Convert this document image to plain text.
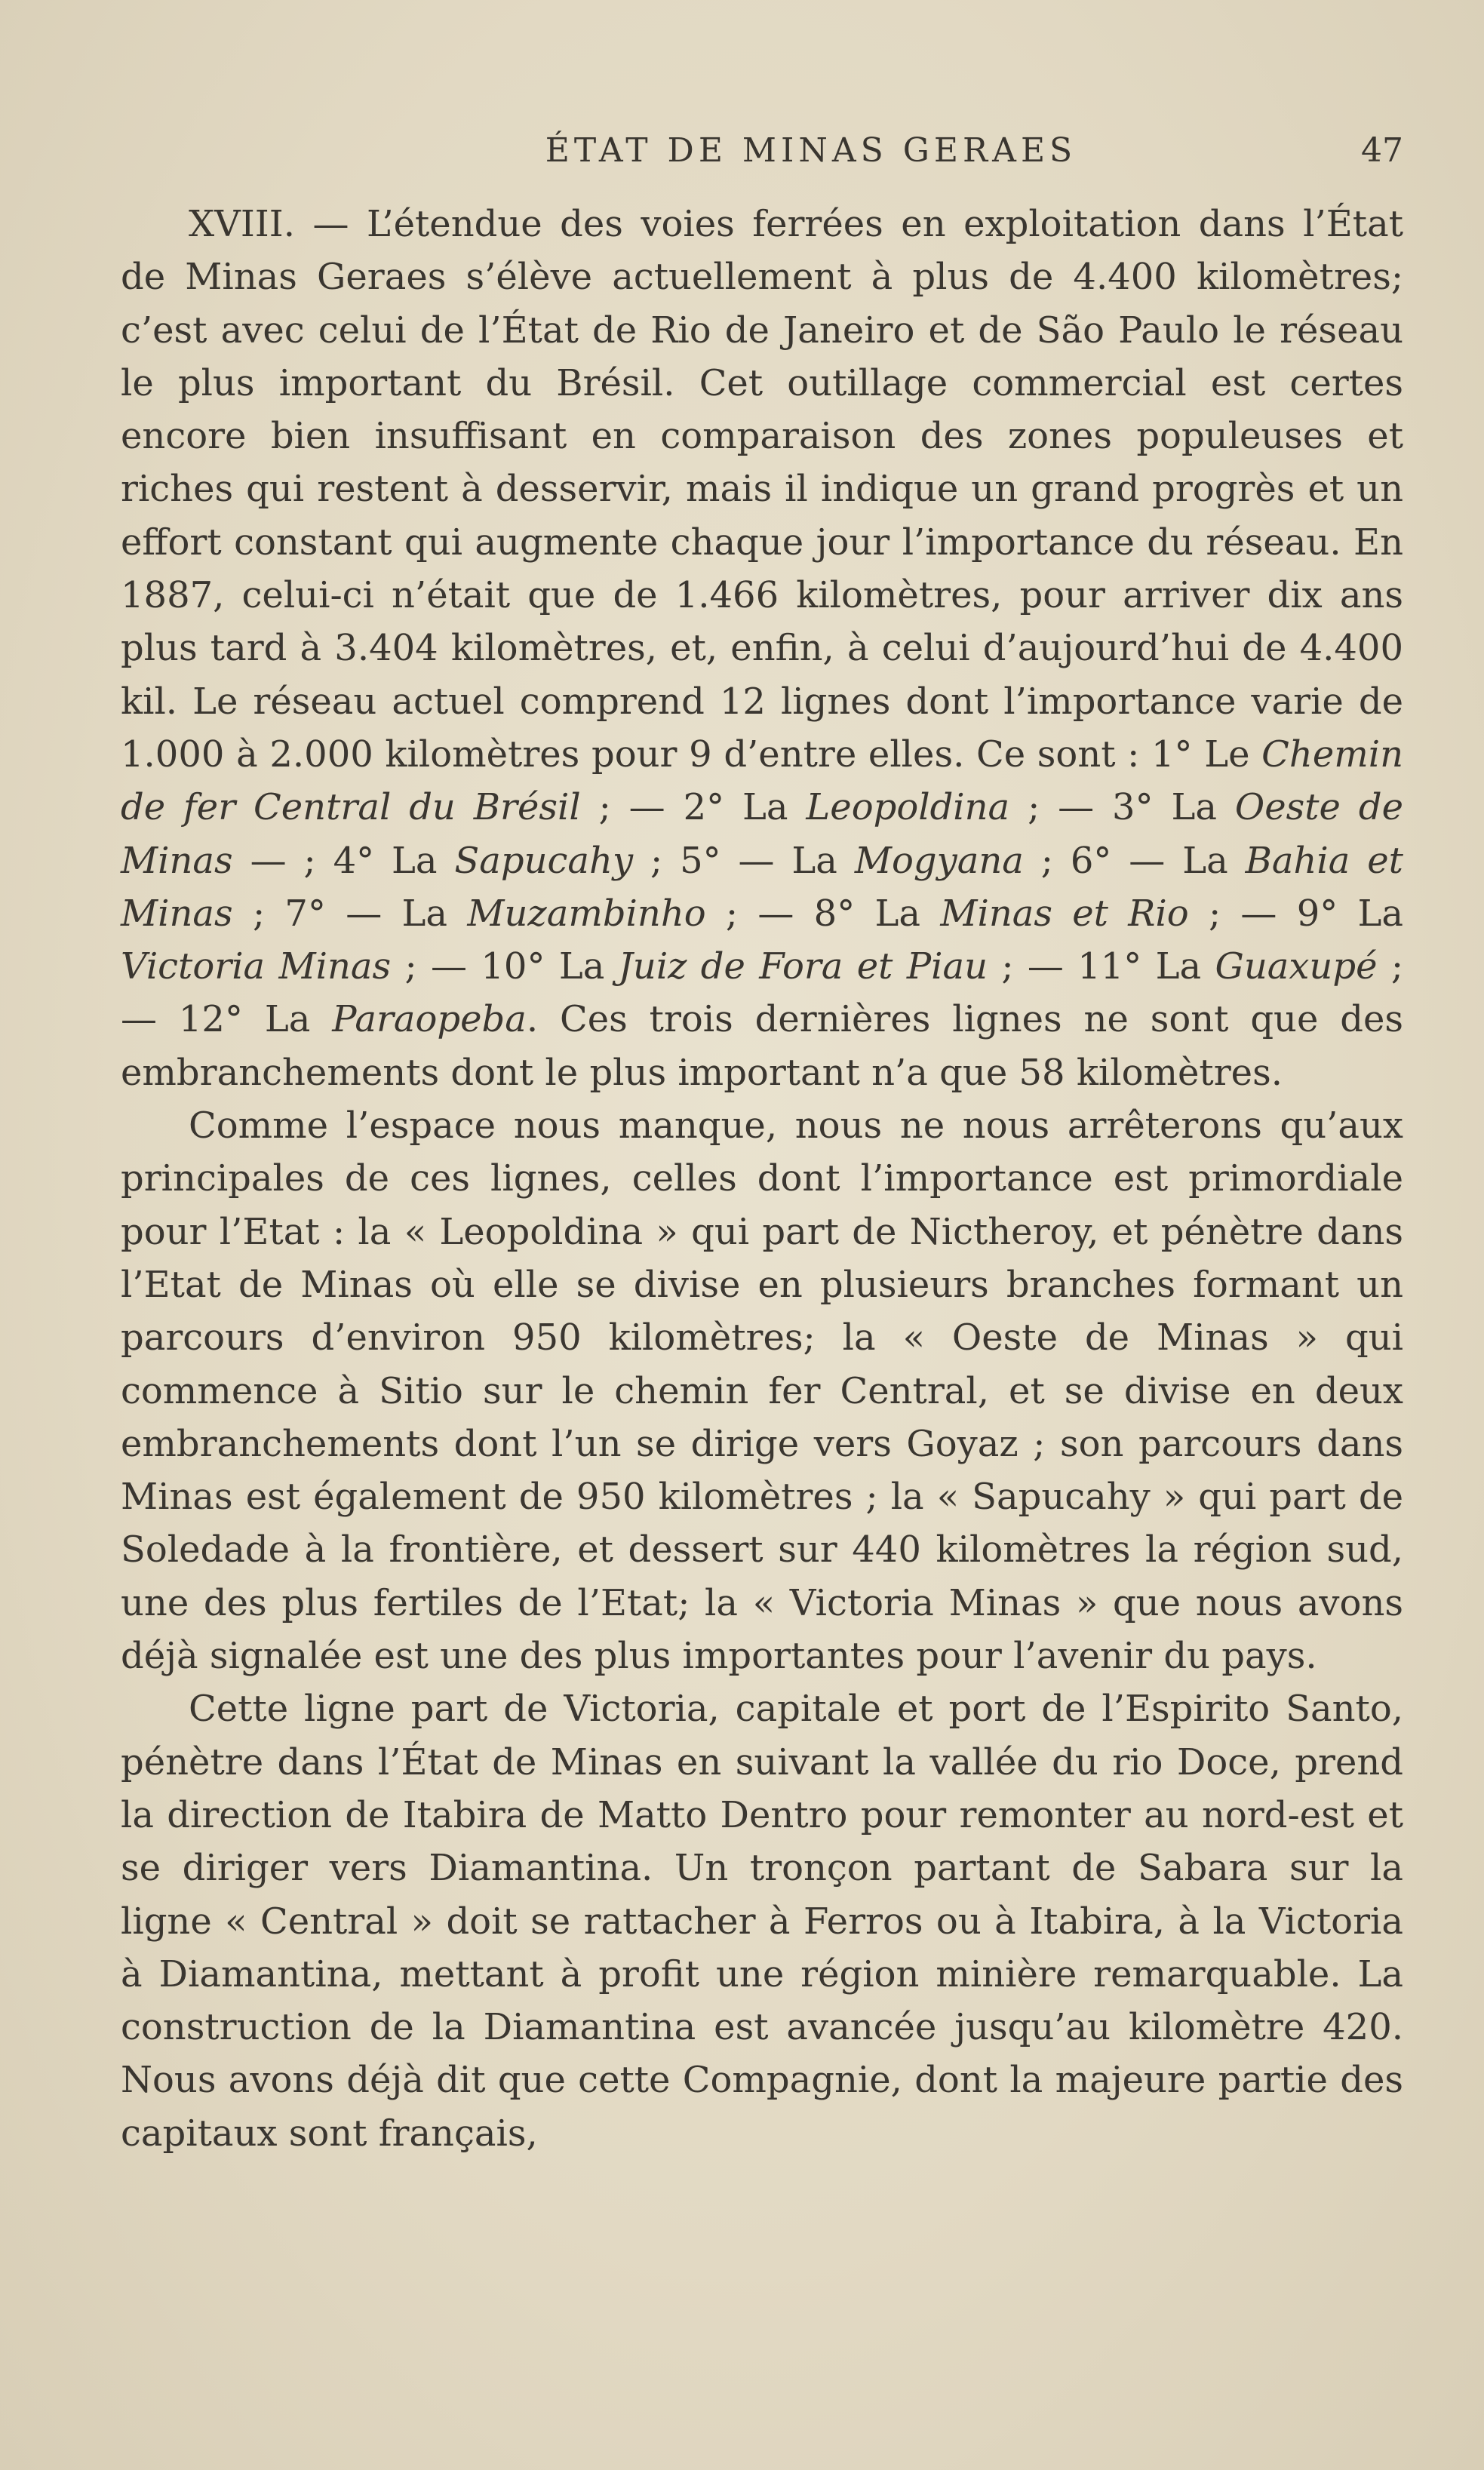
ÉTAT DE MINAS GERAES	47

XVIII. — L’étendue des voies ferrées en exploitation dans l’État de Minas Geraes s’élève actuellement à plus de 4.400 kilomètres; c’est avec celui de l’État de Rio de Janeiro et de São Paulo le réseau le plus important du Brésil. Cet outillage commercial est certes encore bien insuffisant en comparaison des zones populeuses et riches qui restent à desservir, mais il indique un grand progrès et un effort constant qui augmente chaque jour l’importance du réseau. En 1887, celui-ci n’était que de 1.466 kilomètres, pour arriver dix ans plus tard à 3.404 kilomètres, et, enfin, à celui d’aujourd’hui de 4.400 kil. Le réseau actuel comprend 12 lignes dont l’importance varie de 1.000 à 2.000 kilomètres pour 9 d’entre elles. Ce sont : 1° Le Chemin de fer Central du Brésil ; — 2° La Leopoldina ; — 3° La Oeste de Minas — ; 4° La Sapucahy ; 5° — La Mogyana ; 6° — La Bahia et Minas ; 7° — La Muzambinho ; — 8° La Minas et Rio ; — 9° La Victoria Minas ; — 10° La Juiz de Fora et Piau ; — 11° La Guaxupé ; — 12° La Paraopeba. Ces trois dernières lignes ne sont que des embranchements dont le plus important n’a que 58 kilomètres.

Comme l’espace nous manque, nous ne nous arrêterons qu’aux principales de ces lignes, celles dont l’importance est primordiale pour l’Etat : la « Leopoldina » qui part de Nictheroy, et pénètre dans l’Etat de Minas où elle se divise en plusieurs branches formant un parcours d’environ 950 kilomètres; la « Oeste de Minas » qui commence à Sitio sur le chemin fer Central, et se divise en deux embranchements dont l’un se dirige vers Goyaz ; son parcours dans Minas est également de 950 kilomètres ; la « Sapucahy » qui part de Soledade à la frontière, et dessert sur 440 kilomètres la région sud, une des plus fertiles de l’Etat; la « Victoria Minas » que nous avons déjà signalée est une des plus importantes pour l’avenir du pays.

Cette ligne part de Victoria, capitale et port de l’Espirito Santo, pénètre dans l’État de Minas en suivant la vallée du rio Doce, prend la direction de Itabira de Matto Dentro pour remonter au nord-est et se diriger vers Diamantina. Un tronçon partant de Sabara sur la ligne « Central » doit se rattacher à Ferros ou à Itabira, à la Victoria à Diamantina, mettant à profit une région minière remarquable. La construction de la Diamantina est avancée jusqu’au kilomètre 420. Nous avons déjà dit que cette Compagnie, dont la majeure partie des capitaux sont français,
